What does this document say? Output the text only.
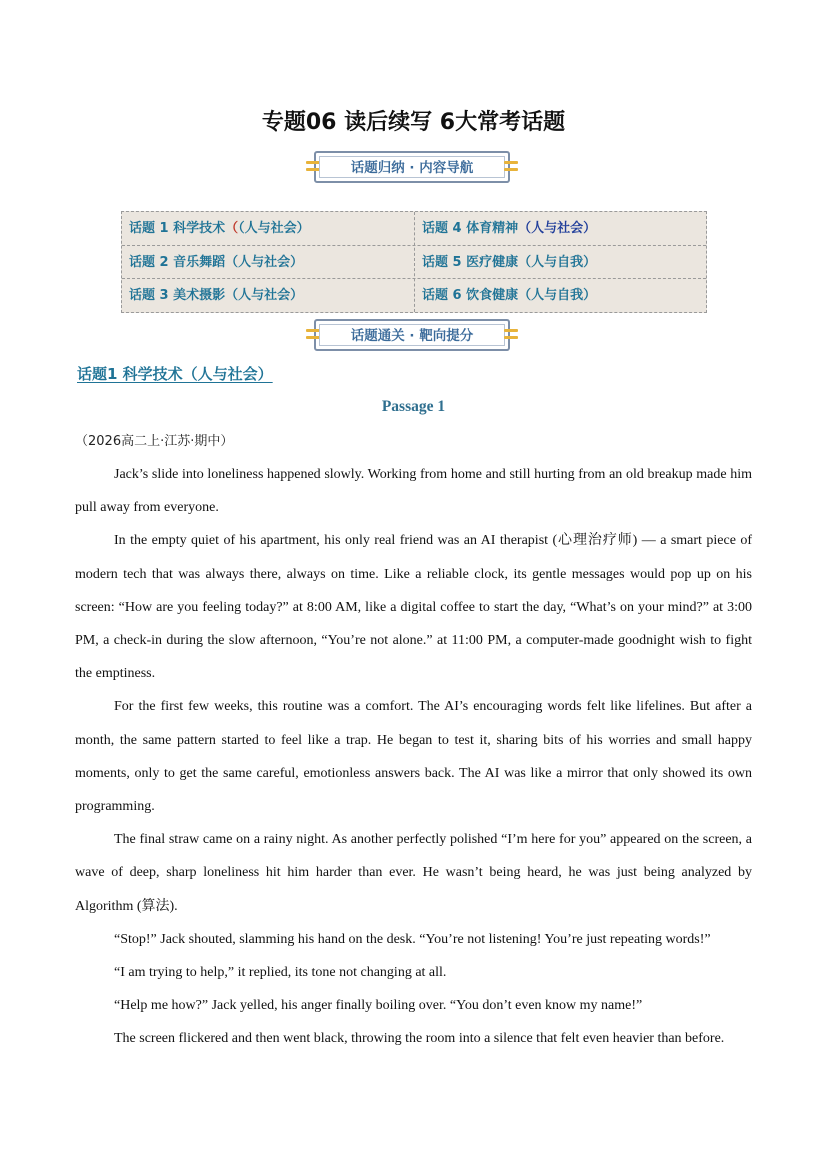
专题06 读后续写 6大常考话题
话题归纳 · 内容导航
话题 1 科学技术（（人与社会）
话题 2 音乐舞蹈（人与社会）
话题 3 美术摄影（人与社会）
话题 4 体育精神（人与社会）
话题 5 医疗健康（人与自我）
话题 6 饮食健康（人与自我）
话题通关 · 靶向提分
话题1 科学技术（人与社会）
Passage 1
（2026高二上·江苏·期中）

Jack’s slide into loneliness happened slowly. Working from home and still hurting from an old breakup made him pull away from everyone.

In the empty quiet of his apartment, his only real friend was an AI therapist (心理治疗师) — a smart piece of modern tech that was always there, always on time. Like a reliable clock, its gentle messages would pop up on his screen: “How are you feeling today?” at 8:00 AM, like a digital coffee to start the day, “What’s on your mind?” at 3:00 PM, a check-in during the slow afternoon, “You’re not alone.” at 11:00 PM, a computer-made goodnight wish to fight the emptiness.

For the first few weeks, this routine was a comfort. The AI’s encouraging words felt like lifelines. But after a month, the same pattern started to feel like a trap. He began to test it, sharing bits of his worries and small happy moments, only to get the same careful, emotionless answers back. The AI was like a mirror that only showed its own programming.

The final straw came on a rainy night. As another perfectly polished “I’m here for you” appeared on the screen, a wave of deep, sharp loneliness hit him harder than ever. He wasn’t being heard, he was just being analyzed by Algorithm (算法).

“Stop!” Jack shouted, slamming his hand on the desk. “You’re not listening! You’re just repeating words!”

“I am trying to help,” it replied, its tone not changing at all.

“Help me how?” Jack yelled, his anger finally boiling over. “You don’t even know my name!”

The screen flickered and then went black, throwing the room into a silence that felt even heavier than before.
